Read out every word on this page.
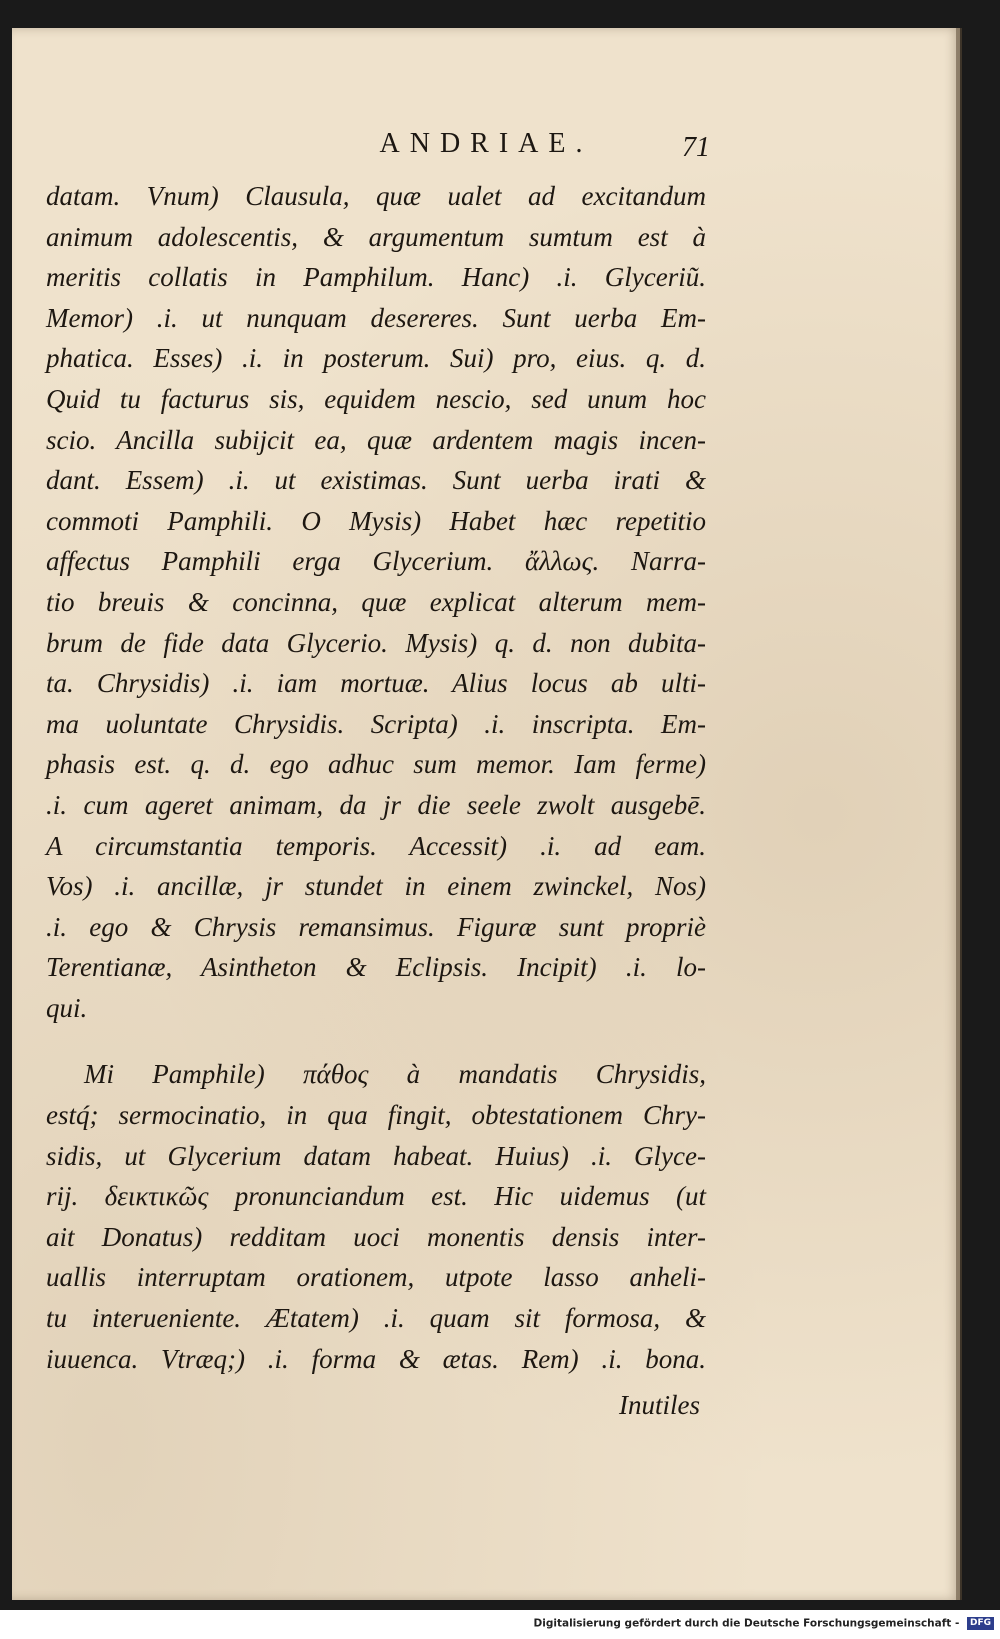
ANDRIAE.	71
datam. Vnum) Clausula, quæ ualet ad excitandum
animum adolescentis, & argumentum sumtum est à
meritis collatis in Pamphilum. Hanc) .i. Glyceriũ.
Memor) .i. ut nunquam desereres. Sunt uerba Em-
phatica. Esses) .i. in posterum. Sui) pro, eius. q. d.
Quid tu facturus sis, equidem nescio, sed unum hoc
scio. Ancilla subijcit ea, quæ ardentem magis incen-
dant. Essem) .i. ut existimas. Sunt uerba irati &
commoti Pamphili. O Mysis) Habet hæc repetitio
affectus Pamphili erga Glycerium. ἄλλως. Narra-
tio breuis & concinna, quæ explicat alterum mem-
brum de fide data Glycerio. Mysis) q. d. non dubita-
ta. Chrysidis) .i. iam mortuæ. Alius locus ab ulti-
ma uoluntate Chrysidis. Scripta) .i. inscripta. Em-
phasis est. q. d. ego adhuc sum memor. Iam ferme)
.i. cum ageret animam, da jr die seele zwolt ausgebē.
A circumstantia temporis. Accessit) .i. ad eam.
Vos) .i. ancillæ, jr stundet in einem zwinckel, Nos)
.i. ego & Chrysis remansimus. Figuræ sunt propriè
Terentianæ, Asintheton & Eclipsis. Incipit) .i. lo-
qui.
Mi Pamphile) πάθος à mandatis Chrysidis,
estq́; sermocinatio, in qua fingit, obtestationem Chry-
sidis, ut Glycerium datam habeat. Huius) .i. Glyce-
rij. δεικτικῶς pronunciandum est. Hic uidemus (ut
ait Donatus) redditam uoci monentis densis inter-
uallis interruptam orationem, utpote lasso anheli-
tu interueniente. Ætatem) .i. quam sit formosa, &
iuuenca. Vtræq;) .i. forma & ætas. Rem) .i. bona.
Inutiles
Digitalisierung gefördert durch die Deutsche Forschungsgemeinschaft - DFG
